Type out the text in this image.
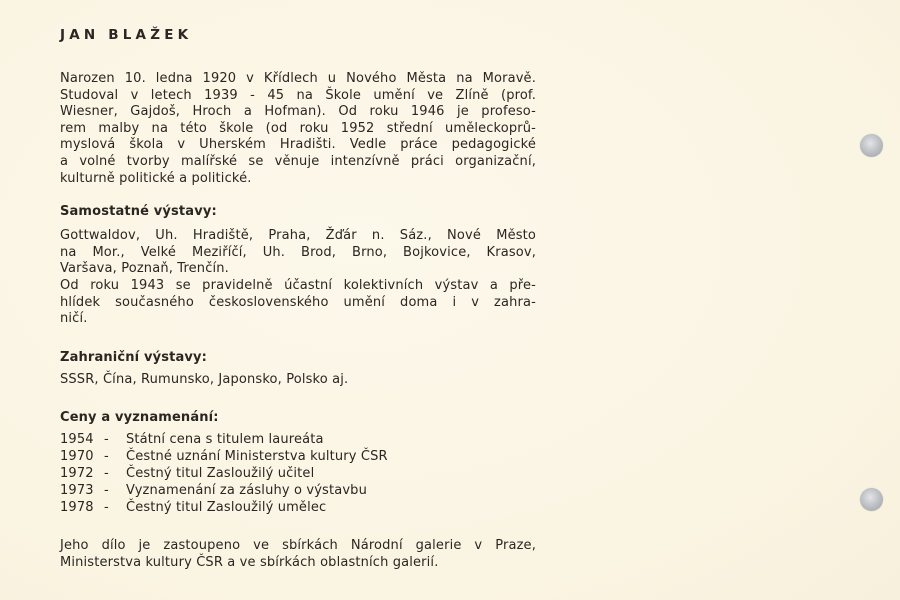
JAN BLAŽEK

Narozen 10. ledna 1920 v Křídlech u Nového Města na Moravě.
Studoval v letech 1939 - 45 na Škole umění ve Zlíně (prof.
Wiesner, Gajdoš, Hroch a Hofman). Od roku 1946 je profeso-
rem malby na této škole (od roku 1952 střední uměleckoprů-
myslová škola v Uherském Hradišti. Vedle práce pedagogické
a volné tvorby malířské se věnuje intenzívně práci organizační,
kulturně politické a politické.

Samostatné výstavy:

Gottwaldov, Uh. Hradiště, Praha, Žďár n. Sáz., Nové Město
na Mor., Velké Meziříčí, Uh. Brod, Brno, Bojkovice, Krasov,
Varšava, Poznaň, Trenčín.
Od roku 1943 se pravidelně účastní kolektivních výstav a pře-
hlídek současného československého umění doma i v zahra-
ničí.

Zahraniční výstavy:

SSSR, Čína, Rumunsko, Japonsko, Polsko aj.

Ceny a vyznamenání:
1954 -	Státní cena s titulem laureáta
1970 -	Čestné uznání Ministerstva kultury ČSR
1972 -	Čestný titul Zasloužilý učitel
1973 -	Vyznamenání za zásluhy o výstavbu
1978 -	Čestný titul Zasloužilý umělec

Jeho dílo je zastoupeno ve sbírkách Národní galerie v Praze,
Ministerstva kultury ČSR a ve sbírkách oblastních galerií.
